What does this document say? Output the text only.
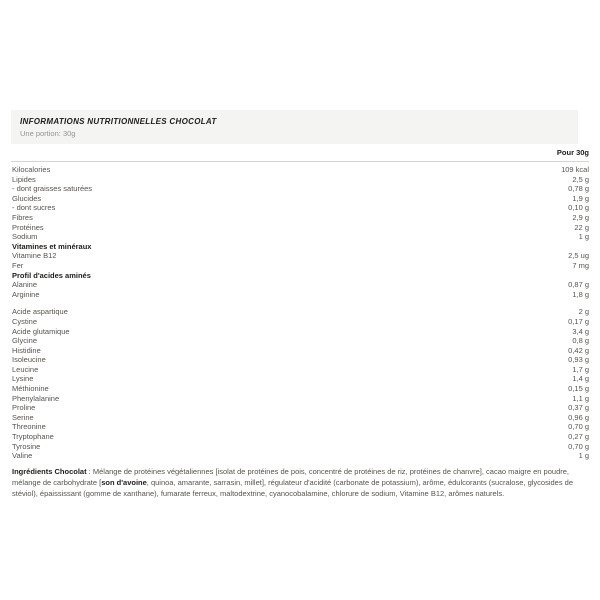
INFORMATIONS NUTRITIONNELLES CHOCOLAT
Une portion: 30g
Pour 30g
Kilocalories	109 kcal
Lipides	2,5 g
- dont graisses saturées	0,78 g
Glucides	1,9 g
- dont sucres	0,10 g
Fibres	2,9 g
Protéines	22 g
Sodium	1 g
Vitamines et minéraux
Vitamine B12	2,5 ug
Fer	7 mg
Profil d'acides aminés
Alanine	0,87 g
Arginine	1,8 g
Acide aspartique	2 g
Cystine	0,17 g
Acide glutamique	3,4 g
Glycine	0,8 g
Histidine	0,42 g
Isoleucine	0,93 g
Leucine	1,7 g
Lysine	1,4 g
Méthionine	0,15 g
Phenylalanine	1,1 g
Proline	0,37 g
Serine	0,96 g
Threonine	0,70 g
Tryptophane	0,27 g
Tyrosine	0,70 g
Valine	1 g
Ingrédients Chocolat : Mélange de protéines végétaliennes [isolat de protéines de pois, concentré de protéines de riz, protéines de chanvre], cacao maigre en poudre, mélange de carbohydrate [son d'avoine, quinoa, amarante, sarrasin, millet], régulateur d'acidité (carbonate de potassium), arôme, édulcorants (sucralose, glycosides de stéviol), épaississant (gomme de xanthane), fumarate ferreux, maltodextrine, cyanocobalamine, chlorure de sodium, Vitamine B12, arômes naturels.
